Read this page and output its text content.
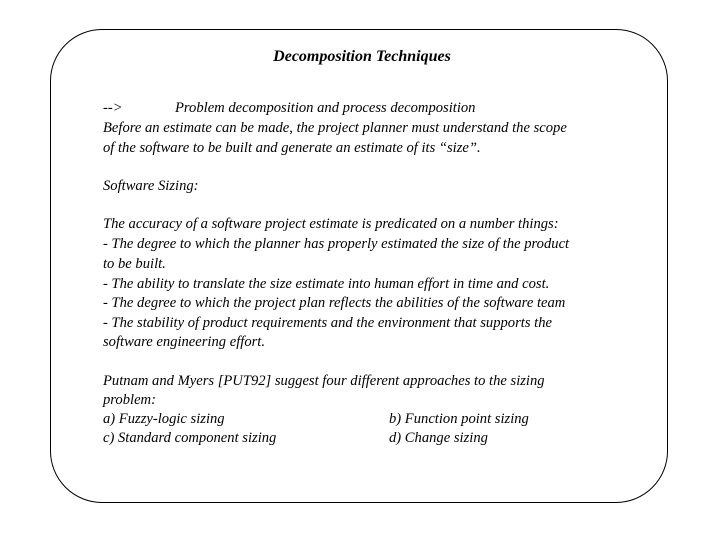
Decomposition Techniques
-->	Problem decomposition and process decomposition
Before an estimate can be made, the project planner must understand the scope
of the software to be built and generate an estimate of its “size”.
Software Sizing:
The accuracy of a software project estimate is predicated on a number things:
- The degree to which the planner has properly estimated the size of the product
to be built.
- The ability to translate the size estimate into human effort in time and cost.
- The degree to which the project plan reflects the abilities of the software team
- The stability of product requirements and the environment that supports the
software engineering effort.
Putnam and Myers [PUT92] suggest four different approaches to the sizing
problem:
a) Fuzzy-logic sizing	b) Function point sizing
c) Standard component sizing	d) Change sizing
